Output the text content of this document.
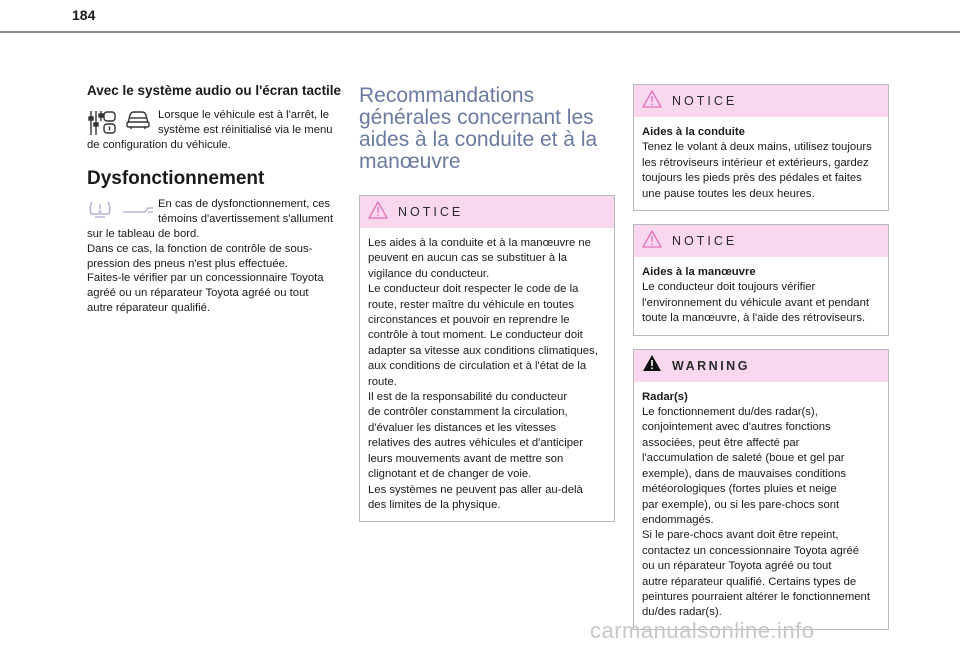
184
Avec le système audio ou l'écran tactile

Lorsque le véhicule est à l'arrêt, le

système est réinitialisé via le menu

de configuration du véhicule.

Dysfonctionnement

En cas de dysfonctionnement, ces

témoins d'avertissement s'allument

sur le tableau de bord.

Dans ce cas, la fonction de contrôle de sous-

pression des pneus n'est plus effectuée.

Faites-le vérifier par un concessionnaire Toyota

agréé ou un réparateur Toyota agréé ou tout

autre réparateur qualifié.

Recommandations
générales concernant les
aides à la conduite et à la
manœuvre
NOTICE
Les aides à la conduite et à la manœuvre ne
peuvent en aucun cas se substituer à la
vigilance du conducteur.
Le conducteur doit respecter le code de la
route, rester maître du véhicule en toutes
circonstances et pouvoir en reprendre le
contrôle à tout moment. Le conducteur doit
adapter sa vitesse aux conditions climatiques,
aux conditions de circulation et à l'état de la
route.
Il est de la responsabilité du conducteur
de contrôler constamment la circulation,
d'évaluer les distances et les vitesses
relatives des autres véhicules et d'anticiper
leurs mouvements avant de mettre son
clignotant et de changer de voie.
Les systèmes ne peuvent pas aller au-delà
des limites de la physique.
NOTICE
Aides à la conduite
Tenez le volant à deux mains, utilisez toujours
les rétroviseurs intérieur et extérieurs, gardez
toujours les pieds près des pédales et faites
une pause toutes les deux heures.
NOTICE
Aides à la manœuvre
Le conducteur doit toujours vérifier
l'environnement du véhicule avant et pendant
toute la manœuvre, à l'aide des rétroviseurs.
WARNING
Radar(s)
Le fonctionnement du/des radar(s),
conjointement avec d'autres fonctions
associées, peut être affecté par
l'accumulation de saleté (boue et gel par
exemple), dans de mauvaises conditions
météorologiques (fortes pluies et neige
par exemple), ou si les pare-chocs sont
endommagés.
Si le pare-chocs avant doit être repeint,
contactez un concessionnaire Toyota agréé
ou un réparateur Toyota agréé ou tout
autre réparateur qualifié. Certains types de
peintures pourraient altérer le fonctionnement
du/des radar(s).
carmanualsonline.info
